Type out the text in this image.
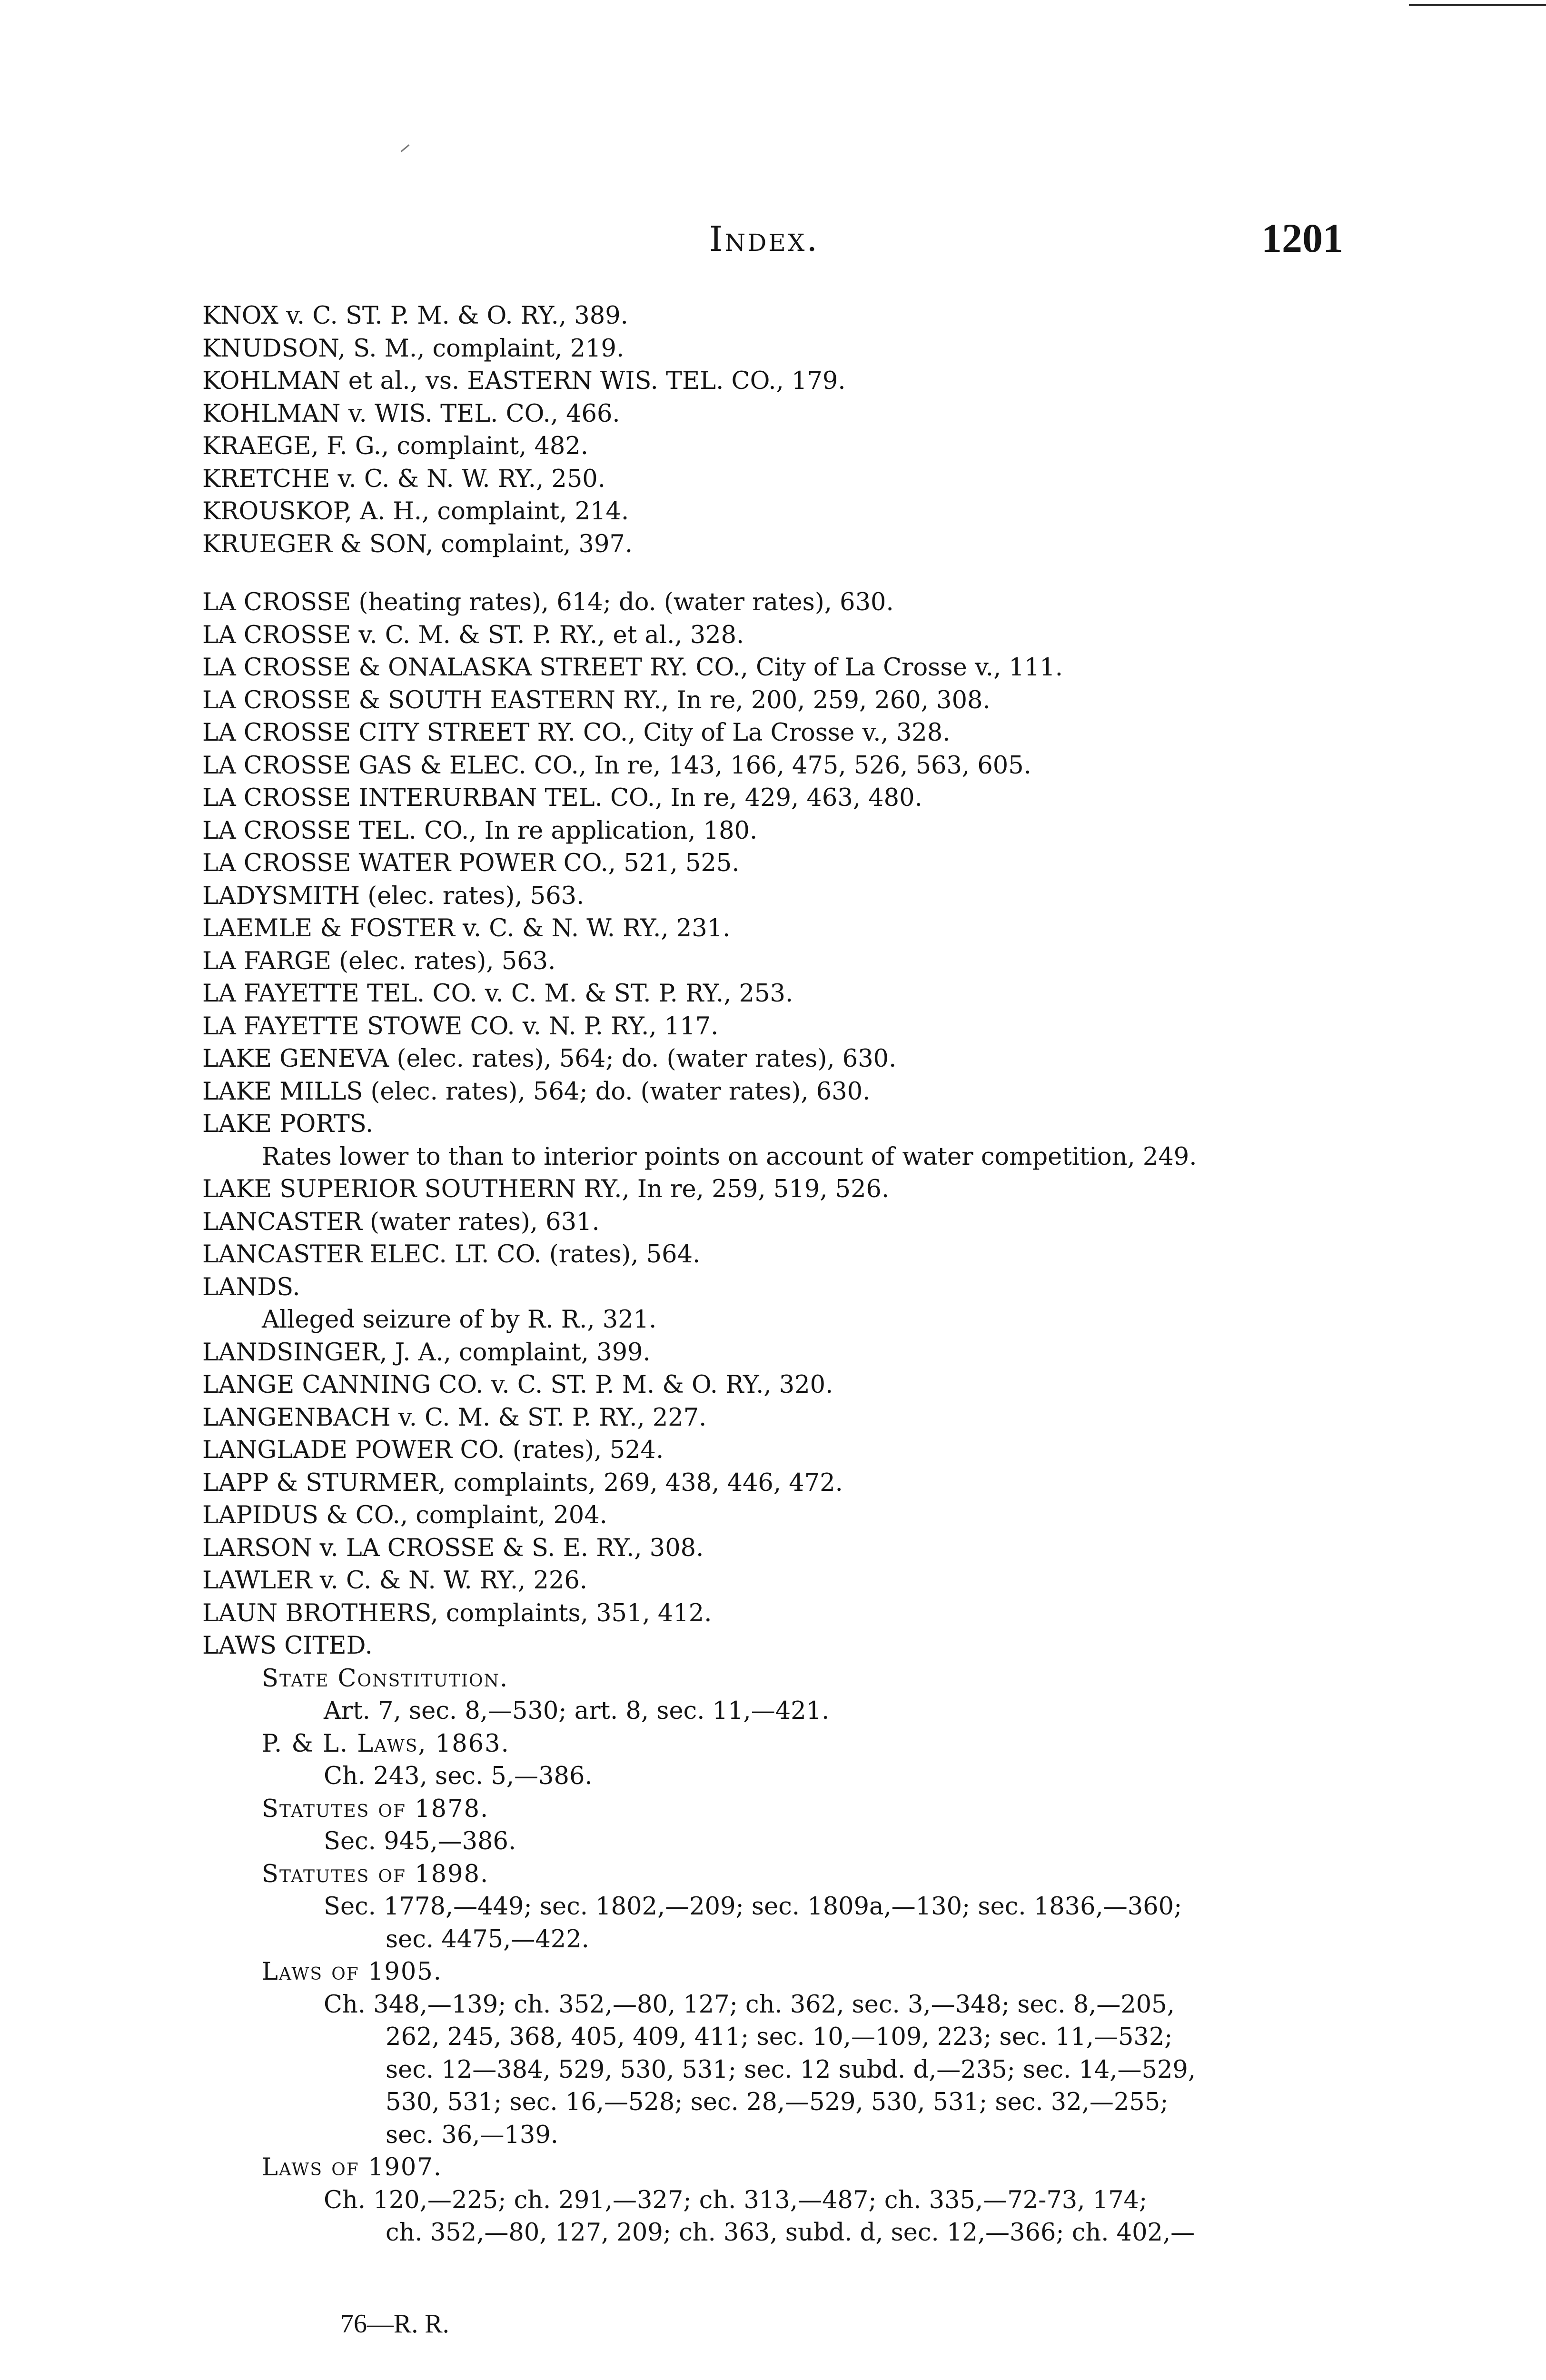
Index.	1201
KNOX v. C. ST. P. M. & O. RY., 389.
KNUDSON, S. M., complaint, 219.
KOHLMAN et al., vs. EASTERN WIS. TEL. CO., 179.
KOHLMAN v. WIS. TEL. CO., 466.
KRAEGE, F. G., complaint, 482.
KRETCHE v. C. & N. W. RY., 250.
KROUSKOP, A. H., complaint, 214.
KRUEGER & SON, complaint, 397.
LA CROSSE (heating rates), 614; do. (water rates), 630.
LA CROSSE v. C. M. & ST. P. RY., et al., 328.
LA CROSSE & ONALASKA STREET RY. CO., City of La Crosse v., 111.
LA CROSSE & SOUTH EASTERN RY., In re, 200, 259, 260, 308.
LA CROSSE CITY STREET RY. CO., City of La Crosse v., 328.
LA CROSSE GAS & ELEC. CO., In re, 143, 166, 475, 526, 563, 605.
LA CROSSE INTERURBAN TEL. CO., In re, 429, 463, 480.
LA CROSSE TEL. CO., In re application, 180.
LA CROSSE WATER POWER CO., 521, 525.
LADYSMITH (elec. rates), 563.
LAEMLE & FOSTER v. C. & N. W. RY., 231.
LA FARGE (elec. rates), 563.
LA FAYETTE TEL. CO. v. C. M. & ST. P. RY., 253.
LA FAYETTE STOWE CO. v. N. P. RY., 117.
LAKE GENEVA (elec. rates), 564; do. (water rates), 630.
LAKE MILLS (elec. rates), 564; do. (water rates), 630.
LAKE PORTS.
Rates lower to than to interior points on account of water competition, 249.
LAKE SUPERIOR SOUTHERN RY., In re, 259, 519, 526.
LANCASTER (water rates), 631.
LANCASTER ELEC. LT. CO. (rates), 564.
LANDS.
Alleged seizure of by R. R., 321.
LANDSINGER, J. A., complaint, 399.
LANGE CANNING CO. v. C. ST. P. M. & O. RY., 320.
LANGENBACH v. C. M. & ST. P. RY., 227.
LANGLADE POWER CO. (rates), 524.
LAPP & STURMER, complaints, 269, 438, 446, 472.
LAPIDUS & CO., complaint, 204.
LARSON v. LA CROSSE & S. E. RY., 308.
LAWLER v. C. & N. W. RY., 226.
LAUN BROTHERS, complaints, 351, 412.
LAWS CITED.
State Constitution.
Art. 7, sec. 8,—530; art. 8, sec. 11,—421.
P. & L. Laws, 1863.
Ch. 243, sec. 5,—386.
Statutes of 1878.
Sec. 945,—386.
Statutes of 1898.
Sec. 1778,—449; sec. 1802,—209; sec. 1809a,—130; sec. 1836,—360;
sec. 4475,—422.
Laws of 1905.
Ch. 348,—139; ch. 352,—80, 127; ch. 362, sec. 3,—348; sec. 8,—205,
262, 245, 368, 405, 409, 411; sec. 10,—109, 223; sec. 11,—532;
sec. 12—384, 529, 530, 531; sec. 12 subd. d,—235; sec. 14,—529,
530, 531; sec. 16,—528; sec. 28,—529, 530, 531; sec. 32,—255;
sec. 36,—139.
Laws of 1907.
Ch. 120,—225; ch. 291,—327; ch. 313,—487; ch. 335,—72-73, 174;
ch. 352,—80, 127, 209; ch. 363, subd. d, sec. 12,—366; ch. 402,—
76—R. R.
